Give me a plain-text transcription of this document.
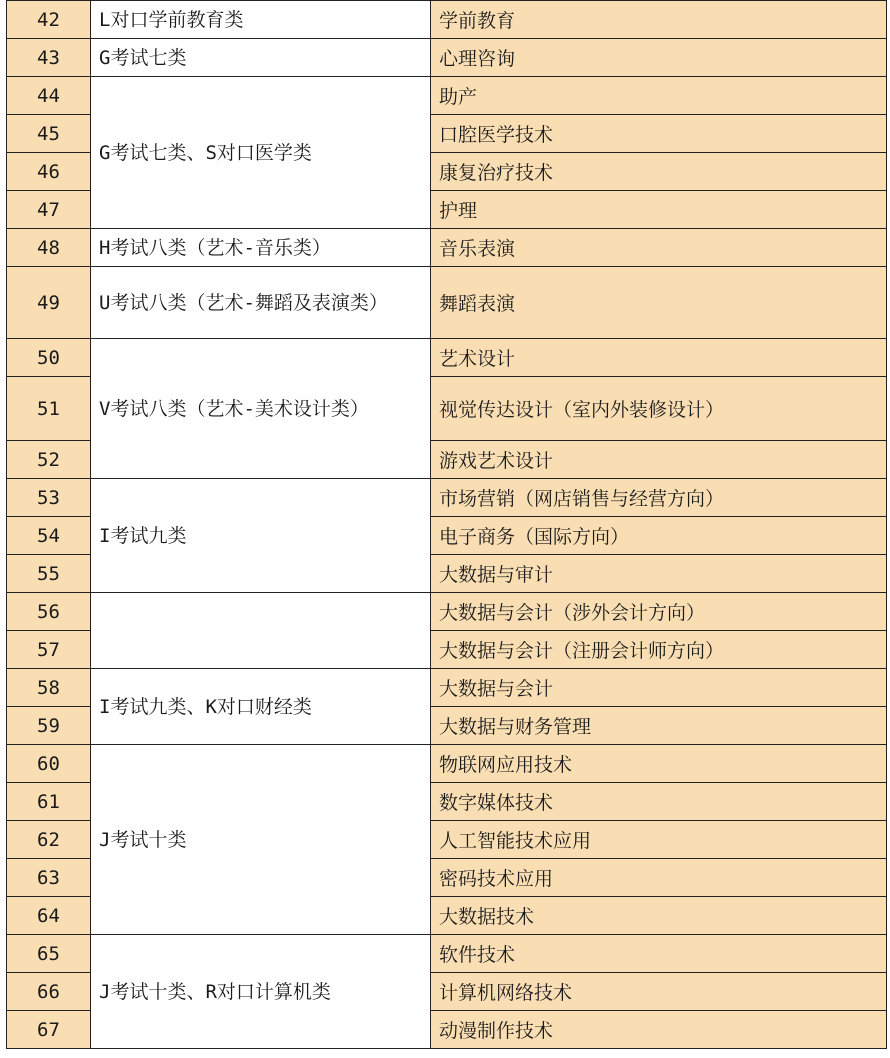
42	L对口学前教育类	学前教育
43	G考试七类	心理咨询
44	G考试七类、S对口医学类	助产
45		口腔医学技术
46		康复治疗技术
47		护理
48	H考试八类（艺术-音乐类）	音乐表演
49	U考试八类（艺术-舞蹈及表演类）	舞蹈表演
50	V考试八类（艺术-美术设计类）	艺术设计
51		视觉传达设计（室内外装修设计）
52		游戏艺术设计
53	I考试九类	市场营销（网店销售与经营方向）
54		电子商务（国际方向）
55		大数据与审计
56		大数据与会计（涉外会计方向）
57		大数据与会计（注册会计师方向）
58	I考试九类、K对口财经类	大数据与会计
59		大数据与财务管理
60	J考试十类	物联网应用技术
61		数字媒体技术
62		人工智能技术应用
63		密码技术应用
64		大数据技术
65	J考试十类、R对口计算机类	软件技术
66		计算机网络技术
67		动漫制作技术
